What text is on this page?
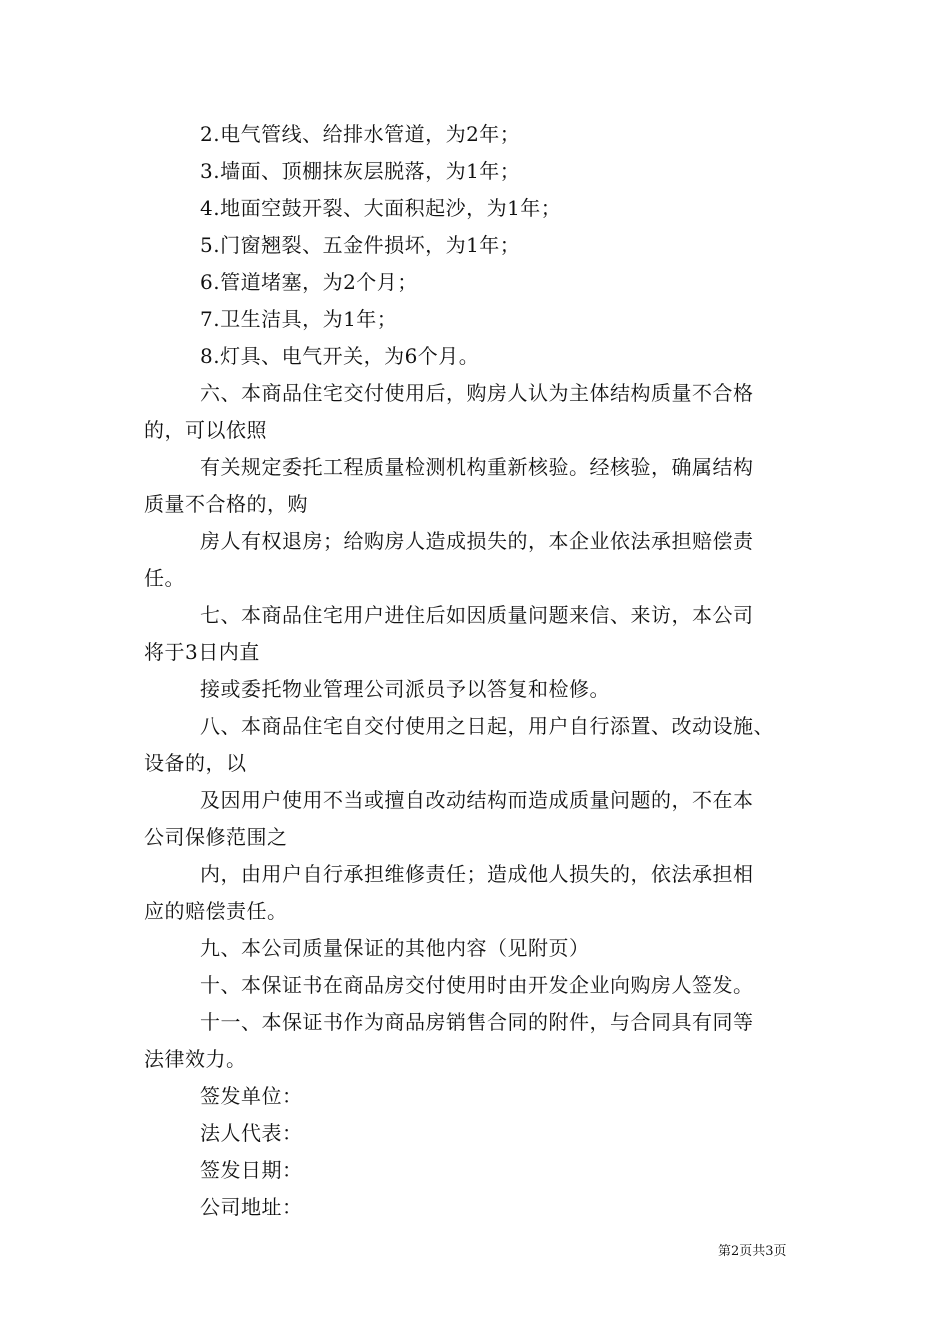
2.电气管线、给排水管道，为2年；
3.墙面、顶棚抹灰层脱落，为1年；
4.地面空鼓开裂、大面积起沙，为1年；
5.门窗翘裂、五金件损坏，为1年；
6.管道堵塞，为2个月；
7.卫生洁具，为1年；
8.灯具、电气开关，为6个月。
六、本商品住宅交付使用后，购房人认为主体结构质量不合格
的，可以依照
有关规定委托工程质量检测机构重新核验。经核验，确属结构
质量不合格的，购
房人有权退房；给购房人造成损失的，本企业依法承担赔偿责
任。
七、本商品住宅用户进住后如因质量问题来信、来访，本公司
将于3日内直
接或委托物业管理公司派员予以答复和检修。
八、本商品住宅自交付使用之日起，用户自行添置、改动设施、
设备的，以
及因用户使用不当或擅自改动结构而造成质量问题的，不在本
公司保修范围之
内，由用户自行承担维修责任；造成他人损失的，依法承担相
应的赔偿责任。
九、本公司质量保证的其他内容（见附页）
十、本保证书在商品房交付使用时由开发企业向购房人签发。
十一、本保证书作为商品房销售合同的附件，与合同具有同等
法律效力。
签发单位：
法人代表：
签发日期：
公司地址：
第2页共3页
